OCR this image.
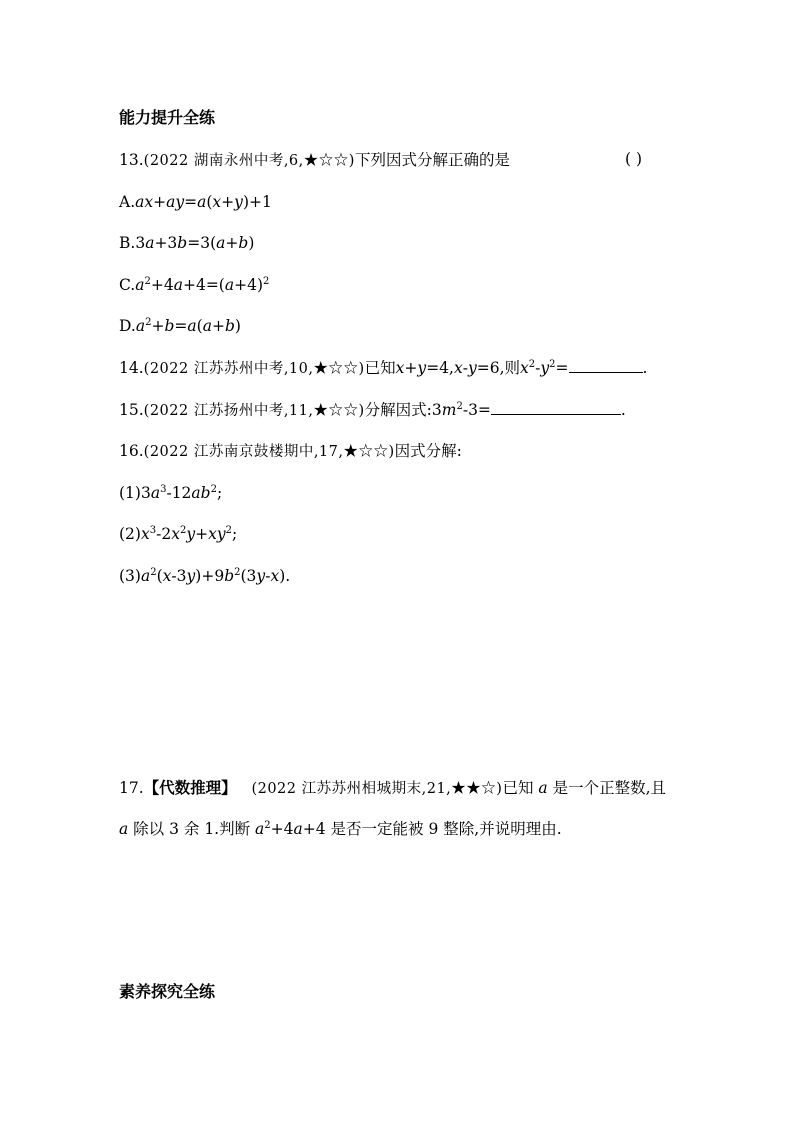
能力提升全练
13.(2022 湖南永州中考,6,★☆☆)下列因式分解正确的是	( )
A.ax+ay=a(x+y)+1
B.3a+3b=3(a+b)
$C.a^2+4a+4=(a+4)^2$
$D.a^2+b=a(a+b)$
14.(2022 江苏苏州中考,10,★☆☆)已知x+y=4,x-y=6,则$x^2-y^2=$	.
15.(2022 江苏扬州中考,11,★☆☆)分解因式$:3m^2-3=$	.
16.(2022 江苏南京鼓楼期中,17,★☆☆)因式分解:
$(1)3a^3-12ab^2$;
$(2)x^3-2x^2y+xy^2$;
$(3)a^2(x-3y)+9b^2(3y-x)$.
17.【代数推理】 (2022 江苏苏州相城期末,21,★★☆)已知 a 是一个正整数,且 a 除以 3 余 1.判断 $a^2+4a+4$ 是否一定能被 9 整除,并说明理由.
素养探究全练
